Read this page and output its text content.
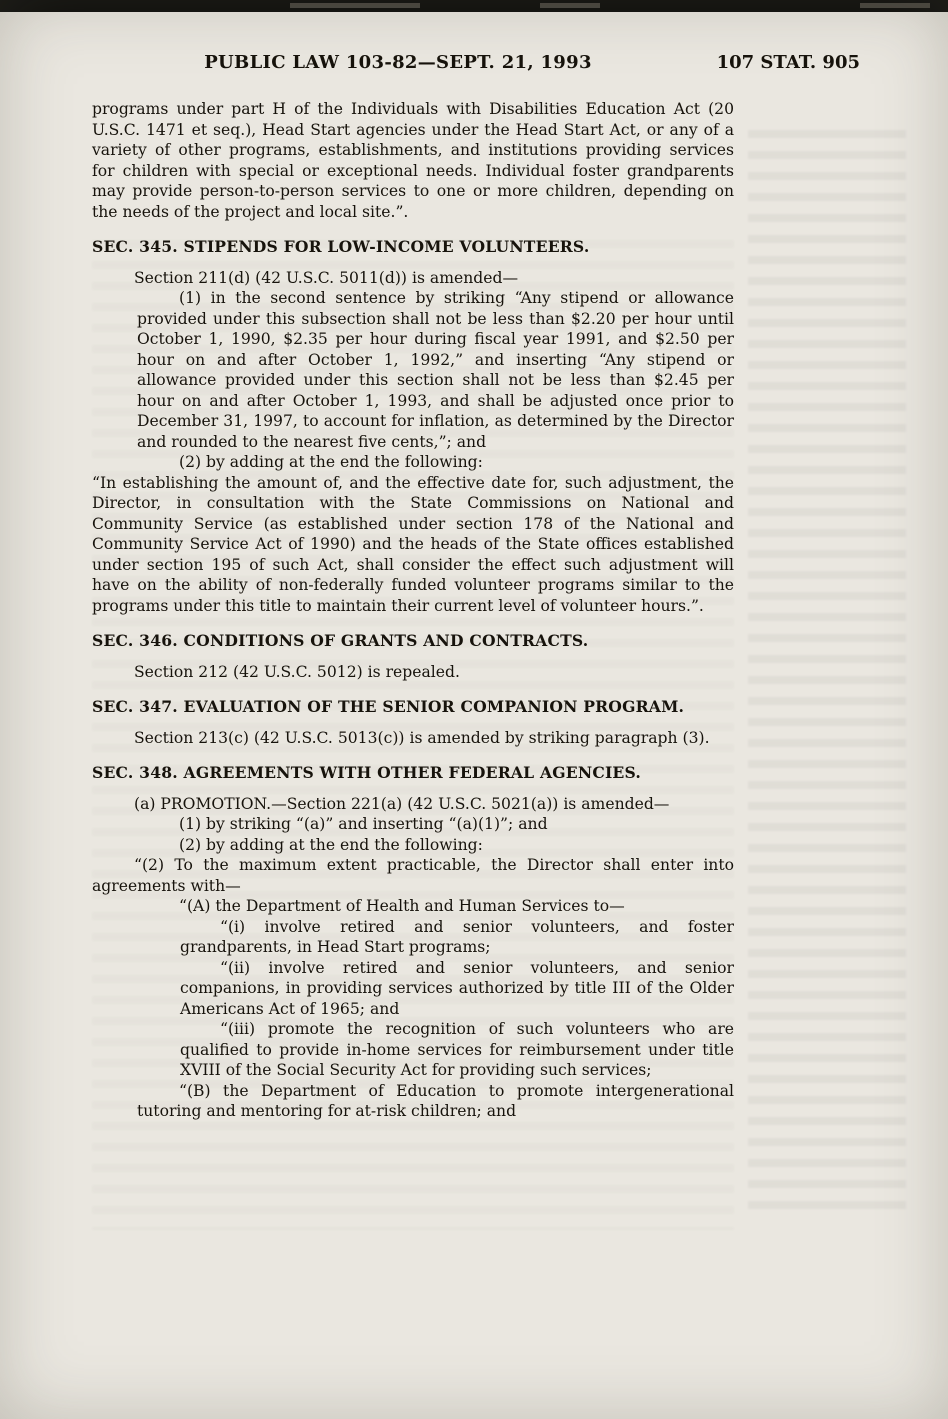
PUBLIC LAW 103-82—SEPT. 21, 1993	107 STAT. 905

programs under part H of the Individuals with Disabilities Education Act (20 U.S.C. 1471 et seq.), Head Start agencies under the Head Start Act, or any of a variety of other programs, establishments, and institutions providing services for children with special or exceptional needs. Individual foster grandparents may provide person-to-person services to one or more children, depending on the needs of the project and local site.”.

SEC. 345. STIPENDS FOR LOW-INCOME VOLUNTEERS.

Section 211(d) (42 U.S.C. 5011(d)) is amended—

(1) in the second sentence by striking “Any stipend or allowance provided under this subsection shall not be less than $2.20 per hour until October 1, 1990, $2.35 per hour during fiscal year 1991, and $2.50 per hour on and after October 1, 1992,” and inserting “Any stipend or allowance provided under this section shall not be less than $2.45 per hour on and after October 1, 1993, and shall be adjusted once prior to December 31, 1997, to account for inflation, as determined by the Director and rounded to the nearest five cents,”; and

(2) by adding at the end the following:

“In establishing the amount of, and the effective date for, such adjustment, the Director, in consultation with the State Commissions on National and Community Service (as established under section 178 of the National and Community Service Act of 1990) and the heads of the State offices established under section 195 of such Act, shall consider the effect such adjustment will have on the ability of non-federally funded volunteer programs similar to the programs under this title to maintain their current level of volunteer hours.”.

SEC. 346. CONDITIONS OF GRANTS AND CONTRACTS.

Section 212 (42 U.S.C. 5012) is repealed.

SEC. 347. EVALUATION OF THE SENIOR COMPANION PROGRAM.

Section 213(c) (42 U.S.C. 5013(c)) is amended by striking paragraph (3).

SEC. 348. AGREEMENTS WITH OTHER FEDERAL AGENCIES.

(a) PROMOTION.—Section 221(a) (42 U.S.C. 5021(a)) is amended—

(1) by striking “(a)” and inserting “(a)(1)”; and

(2) by adding at the end the following:

“(2) To the maximum extent practicable, the Director shall enter into agreements with—

“(A) the Department of Health and Human Services to—

“(i) involve retired and senior volunteers, and foster grandparents, in Head Start programs;

“(ii) involve retired and senior volunteers, and senior companions, in providing services authorized by title III of the Older Americans Act of 1965; and

“(iii) promote the recognition of such volunteers who are qualified to provide in-home services for reimbursement under title XVIII of the Social Security Act for providing such services;

“(B) the Department of Education to promote intergenerational tutoring and mentoring for at-risk children; and
